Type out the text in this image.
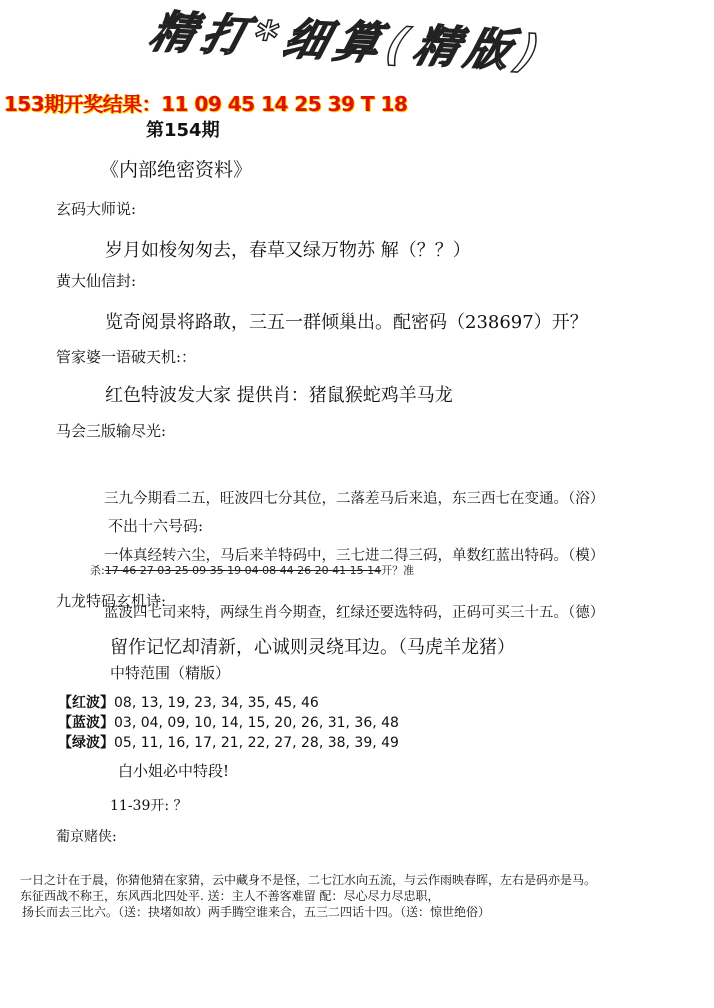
精打*细算(精版)
153期开奖结果：11 09 45 14 25 39 T 18
第154期
《内部绝密资料》
玄码大师说:
岁月如梭匆匆去，春草又绿万物苏 解（？？）
黄大仙信封:
览奇阅景将路敢，三五一群倾巢出。配密码（238697）开？
管家婆一语破天机:：
红色特波发大家 提供肖：猪鼠猴蛇鸡羊马龙
马会三版输尽光:

三九今期看二五，旺波四七分其位，二落差马后来追，东三西七在变通。（浴）

一体真经转六尘，马后来羊特码中，三七进二得三码，单数红蓝出特码。（模）

蓝波四七司来特，两绿生肖今期查，红绿还要选特码，正码可买三十五。（德）

不出十六号码:
杀:17 46 27 03 25 09 35 19 04 08 44 26 20 41 15 14开？准
九龙特码玄机诗:
留作记忆却清新，心诚则灵绕耳边。（马虎羊龙猪）
中特范围（精版）
【红波】08, 13, 19, 23, 34, 35, 45, 46
【蓝波】03, 04, 09, 10, 14, 15, 20, 26, 31, 36, 48
【绿波】05, 11, 16, 17, 21, 22, 27, 28, 38, 39, 49
白小姐必中特段!
11-39开: ？
葡京赌侠:
一日之计在于晨，你猜他猜在家猜，云中藏身不是怪，二七江水向五流，与云作雨映春晖，左右是码亦是马。
东征西战不称王，东风西北四处平. 送：主人不善客难留 配：尽心尽力尽忠职，
扬长而去三比六。（送：抉堵如故）两手腾空谁来合，五三二四话十四。（送：惊世绝俗）
